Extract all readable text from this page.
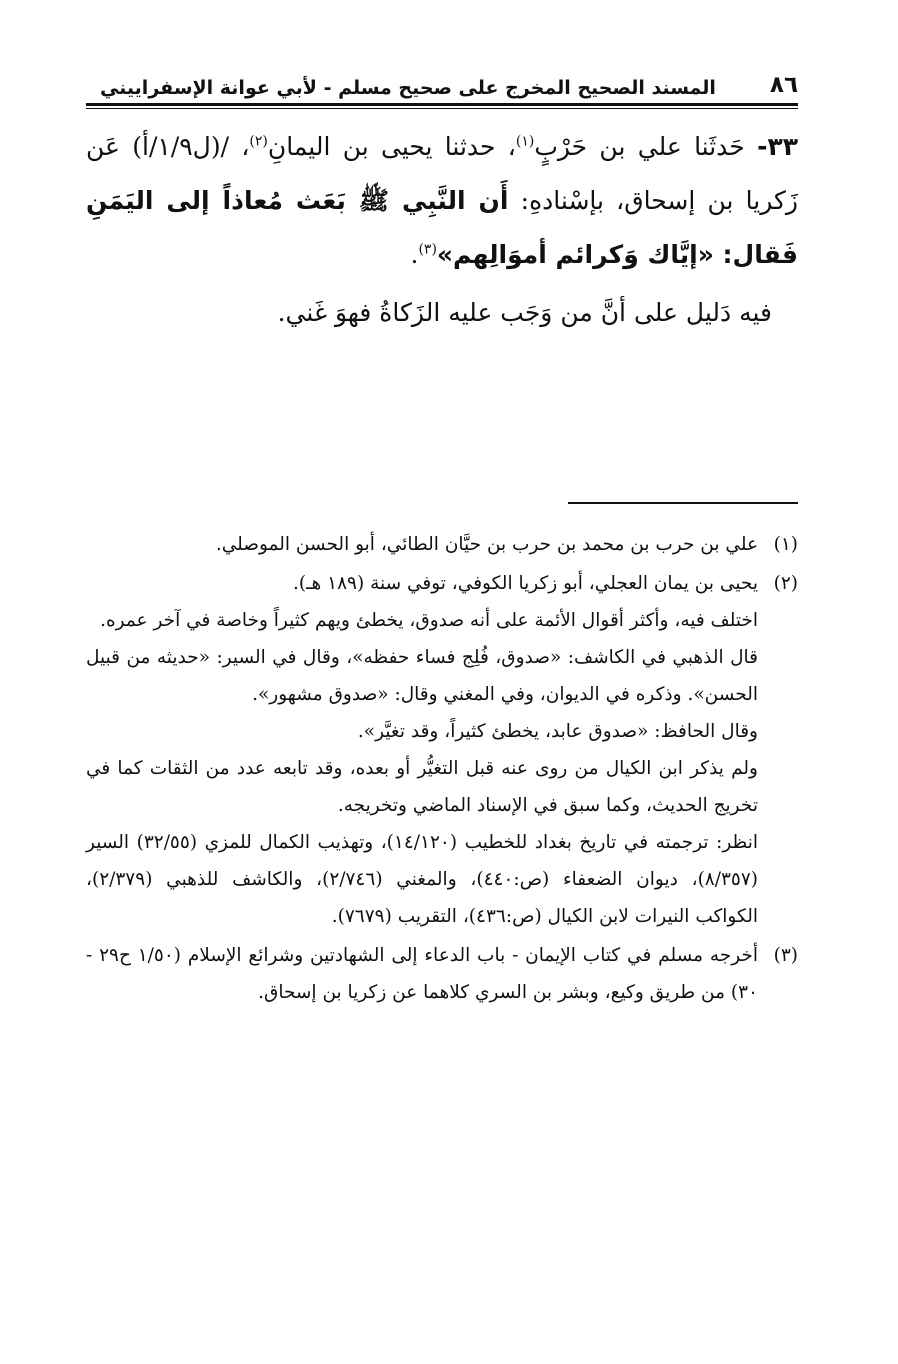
٨٦
المسند الصحيح المخرج على صحيح مسلم - لأبي عوانة الإسفراييني

٣٣- حَدثَنا علي بن حَرْبٍ$^{(١)}$، حدثنا يحيى بن اليمانِ$^{(٢)}$، /(ل١/٩/أ) عَن زَكريا بن إسحاق، بإسْنادهِ: أَن النَّبِي ﷺ بَعَث مُعاذاً إلى اليَمَنِ فَقال: «إيَّاك وَكرائم أموَالِهم»$^{(٣)}$.

فيه دَليل على أنَّ من وَجَب عليه الزَكاةُ فهوَ غَني.

(١)

علي بن حرب بن محمد بن حرب بن حيَّان الطائي، أبو الحسن الموصلي.

(٢)

يحيى بن يمان العجلي، أبو زكريا الكوفي، توفي سنة (١٨٩ هـ).

اختلف فيه، وأكثر أقوال الأئمة على أنه صدوق، يخطئ ويهم كثيراً وخاصة في آخر عمره.

قال الذهبي في الكاشف: «صدوق، فُلِج فساء حفظه»، وقال في السير: «حديثه من قبيل الحسن». وذكره في الديوان، وفي المغني وقال: «صدوق مشهور».

وقال الحافظ: «صدوق عابد، يخطئ كثيراً، وقد تغيَّر».

ولم يذكر ابن الكيال من روى عنه قبل التغيُّر أو بعده، وقد تابعه عدد من الثقات كما في تخريج الحديث، وكما سبق في الإسناد الماضي وتخريجه.

انظر: ترجمته في تاريخ بغداد للخطيب (١٤/١٢٠)، وتهذيب الكمال للمزي (٣٢/٥٥) السير (٨/٣٥٧)، ديوان الضعفاء (ص:٤٤٠)، والمغني (٢/٧٤٦)، والكاشف للذهبي (٢/٣٧٩)، الكواكب النيرات لابن الكيال (ص:٤٣٦)، التقريب (٧٦٧٩).

(٣)

أخرجه مسلم في كتاب الإيمان - باب الدعاء إلى الشهادتين وشرائع الإسلام (١/٥٠ ح٢٩ - ٣٠) من طريق وكيع، وبشر بن السري كلاهما عن زكريا بن إسحاق.
